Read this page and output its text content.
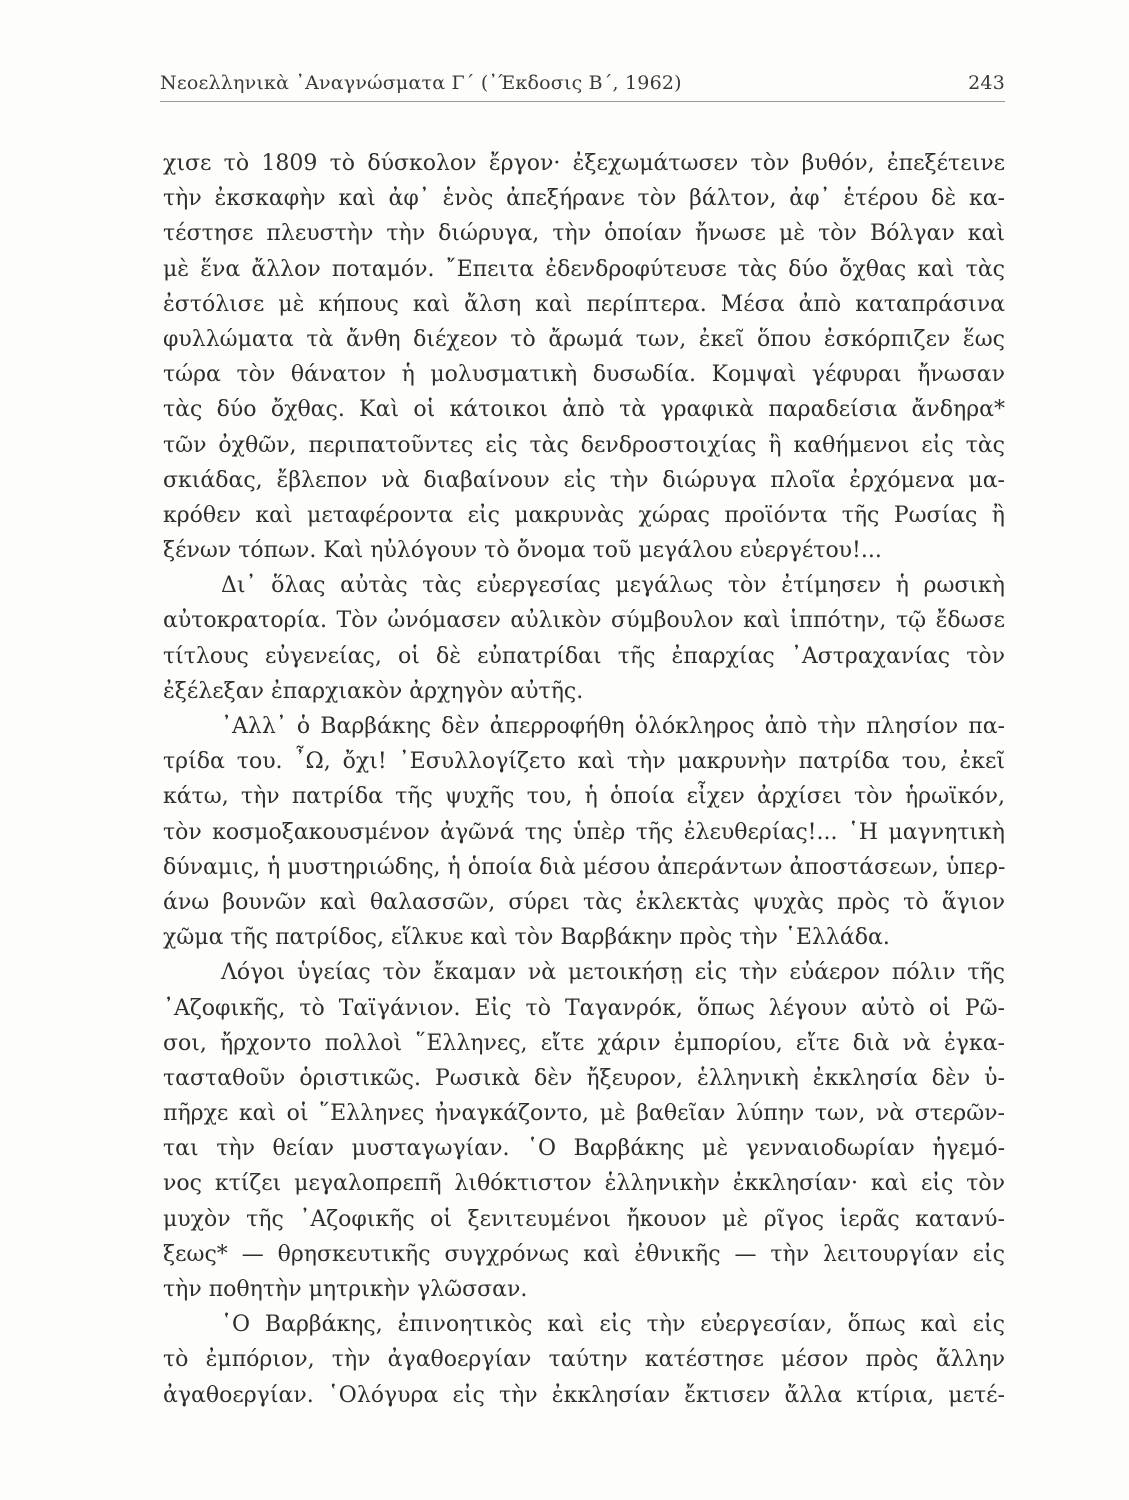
Νεοελληνικὰ ᾿Αναγνώσματα Γ΄ (᾿Έκδοσις Β΄, 1962)	243
χισε τὸ 1809 τὸ δύσκολον ἔργον· ἐξεχωμάτωσεν τὸν βυθόν, ἐπεξέτεινε
τὴν ἐκσκαφὴν καὶ ἀφ᾿ ἑνὸς ἀπεξήρανε τὸν βάλτον, ἀφ᾿ ἑτέρου δὲ κα-
τέστησε πλευστὴν τὴν διώρυγα, τὴν ὁποίαν ἤνωσε μὲ τὸν Βόλγαν καὶ
μὲ ἕνα ἄλλον ποταμόν. ῎Επειτα ἐδενδροφύτευσε τὰς δύο ὄχθας καὶ τὰς
ἐστόλισε μὲ κήπους καὶ ἄλση καὶ περίπτερα. Μέσα ἀπὸ καταπράσινα
φυλλώματα τὰ ἄνθη διέχεον τὸ ἄρωμά των, ἐκεῖ ὅπου ἐσκόρπιζεν ἕως
τώρα τὸν θάνατον ἡ μολυσματικὴ δυσωδία. Κομψαὶ γέφυραι ἤνωσαν
τὰς δύο ὄχθας. Καὶ οἱ κάτοικοι ἀπὸ τὰ γραφικὰ παραδείσια ἄνδηρα*
τῶν ὀχθῶν, περιπατοῦντες εἰς τὰς δενδροστοιχίας ἢ καθήμενοι εἰς τὰς
σκιάδας, ἔβλεπον νὰ διαβαίνουν εἰς τὴν διώρυγα πλοῖα ἐρχόμενα μα-
κρόθεν καὶ μεταφέροντα εἰς μακρυνὰς χώρας προϊόντα τῆς Ρωσίας ἢ
ξένων τόπων. Καὶ ηὐλόγουν τὸ ὄνομα τοῦ μεγάλου εὐεργέτου!...
Δι᾿ ὅλας αὐτὰς τὰς εὐεργεσίας μεγάλως τὸν ἐτίμησεν ἡ ρωσικὴ
αὐτοκρατορία. Τὸν ὠνόμασεν αὐλικὸν σύμβουλον καὶ ἱππότην, τῷ ἔδωσε
τίτλους εὐγενείας, οἱ δὲ εὐπατρίδαι τῆς ἐπαρχίας ᾿Αστραχανίας τὸν
ἐξέλεξαν ἐπαρχιακὸν ἀρχηγὸν αὐτῆς.
᾿Αλλ᾿ ὁ Βαρβάκης δὲν ἀπερροφήθη ὁλόκληρος ἀπὸ τὴν πλησίον πα-
τρίδα του. ῏Ω, ὄχι! ᾿Εσυλλογίζετο καὶ τὴν μακρυνὴν πατρίδα του, ἐκεῖ
κάτω, τὴν πατρίδα τῆς ψυχῆς του, ἡ ὁποία εἶχεν ἀρχίσει τὸν ἡρωϊκόν,
τὸν κοσμοξακουσμένον ἀγῶνά της ὑπὲρ τῆς ἐλευθερίας!... ῾Η μαγνητικὴ
δύναμις, ἡ μυστηριώδης, ἡ ὁποία διὰ μέσου ἀπεράντων ἀποστάσεων, ὑπερ-
άνω βουνῶν καὶ θαλασσῶν, σύρει τὰς ἐκλεκτὰς ψυχὰς πρὸς τὸ ἅγιον
χῶμα τῆς πατρίδος, εἵλκυε καὶ τὸν Βαρβάκην πρὸς τὴν ῾Ελλάδα.
Λόγοι ὑγείας τὸν ἔκαμαν νὰ μετοικήσῃ εἰς τὴν εὐάερον πόλιν τῆς
᾿Αζοφικῆς, τὸ Ταϊγάνιον. Εἰς τὸ Ταγανρόκ, ὅπως λέγουν αὐτὸ οἱ Ρῶ-
σοι, ἤρχοντο πολλοὶ ῞Ελληνες, εἴτε χάριν ἐμπορίου, εἴτε διὰ νὰ ἐγκα-
τασταθοῦν ὁριστικῶς. Ρωσικὰ δὲν ἤξευρον, ἑλληνικὴ ἐκκλησία δὲν ὑ-
πῆρχε καὶ οἱ ῞Ελληνες ἠναγκάζοντο, μὲ βαθεῖαν λύπην των, νὰ στερῶν-
ται τὴν θείαν μυσταγωγίαν. ῾Ο Βαρβάκης μὲ γενναιοδωρίαν ἡγεμό-
νος κτίζει μεγαλοπρεπῆ λιθόκτιστον ἑλληνικὴν ἐκκλησίαν· καὶ εἰς τὸν
μυχὸν τῆς ᾿Αζοφικῆς οἱ ξενιτευμένοι ἤκουον μὲ ρῖγος ἱερᾶς κατανύ-
ξεως* — θρησκευτικῆς συγχρόνως καὶ ἐθνικῆς — τὴν λειτουργίαν εἰς
τὴν ποθητὴν μητρικὴν γλῶσσαν.
῾Ο Βαρβάκης, ἐπινοητικὸς καὶ εἰς τὴν εὐεργεσίαν, ὅπως καὶ εἰς
τὸ ἐμπόριον, τὴν ἀγαθοεργίαν ταύτην κατέστησε μέσον πρὸς ἄλλην
ἀγαθοεργίαν. ῾Ολόγυρα εἰς τὴν ἐκκλησίαν ἔκτισεν ἄλλα κτίρια, μετέ-
